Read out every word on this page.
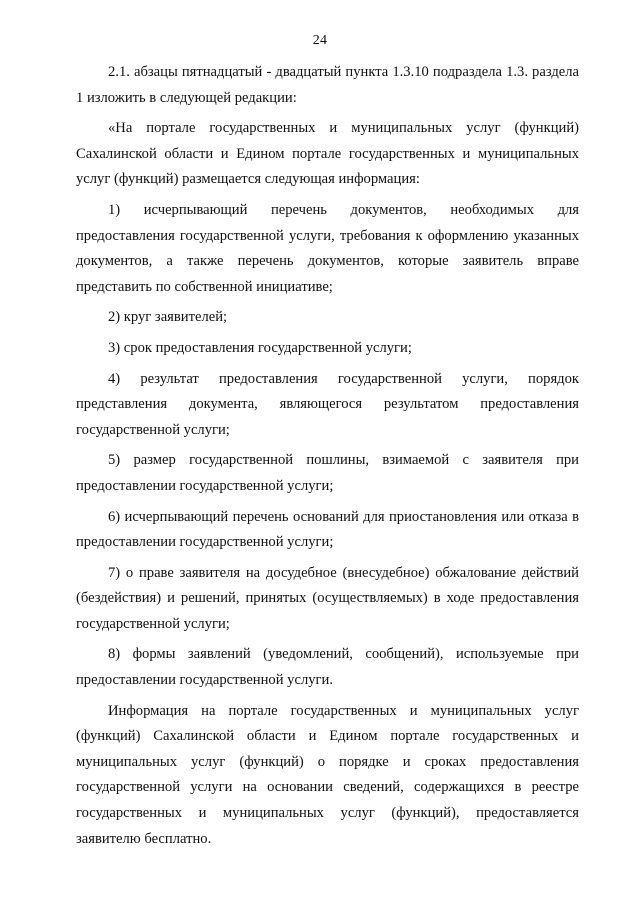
24

2.1. абзацы пятнадцатый - двадцатый пункта 1.3.10 подраздела 1.3. раздела 1 изложить в следующей редакции:

«На портале государственных и муниципальных услуг (функций) Сахалинской области и Едином портале государственных и муниципальных услуг (функций) размещается следующая информация:

1) исчерпывающий перечень документов, необходимых для предоставления государственной услуги, требования к оформлению указанных документов, а также перечень документов, которые заявитель вправе представить по собственной инициативе;

2) круг заявителей;

3) срок предоставления государственной услуги;

4) результат предоставления государственной услуги, порядок представления документа, являющегося результатом предоставления государственной услуги;

5) размер государственной пошлины, взимаемой с заявителя при предоставлении государственной услуги;

6) исчерпывающий перечень оснований для приостановления или отказа в предоставлении государственной услуги;

7) о праве заявителя на досудебное (внесудебное) обжалование действий (бездействия) и решений, принятых (осуществляемых) в ходе предоставления государственной услуги;

8) формы заявлений (уведомлений, сообщений), используемые при предоставлении государственной услуги.

Информация на портале государственных и муниципальных услуг (функций) Сахалинской области и Едином портале государственных и муниципальных услуг (функций) о порядке и сроках предоставления государственной услуги на основании сведений, содержащихся в реестре государственных и муниципальных услуг (функций), предоставляется заявителю бесплатно.
